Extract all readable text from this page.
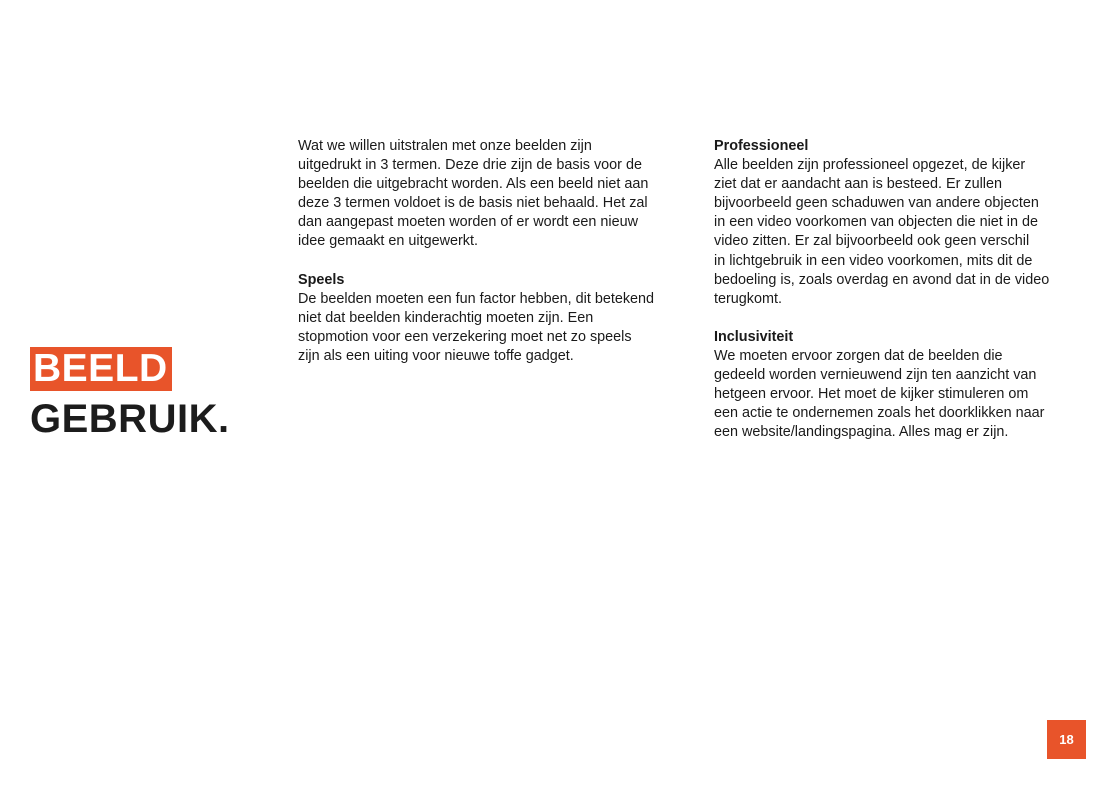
BEELD
GEBRUIK.

Wat we willen uitstralen met onze beelden zijn
uitgedrukt in 3 termen. Deze drie zijn de basis voor de
beelden die uitgebracht worden. Als een beeld niet aan
deze 3 termen voldoet is de basis niet behaald. Het zal
dan aangepast moeten worden of er wordt een nieuw
idee gemaakt en uitgewerkt.

Speels

De beelden moeten een fun factor hebben, dit betekend
niet dat beelden kinderachtig moeten zijn. Een
stopmotion voor een verzekering moet net zo speels
zijn als een uiting voor nieuwe toffe gadget.

Professioneel

Alle beelden zijn professioneel opgezet, de kijker
ziet dat er aandacht aan is besteed. Er zullen
bijvoorbeeld geen schaduwen van andere objecten
in een video voorkomen van objecten die niet in de
video zitten. Er zal bijvoorbeeld ook geen verschil
in lichtgebruik in een video voorkomen, mits dit de
bedoeling is, zoals overdag en avond dat in de video
terugkomt.

Inclusiviteit

We moeten ervoor zorgen dat de beelden die
gedeeld worden vernieuwend zijn ten aanzicht van
hetgeen ervoor. Het moet de kijker stimuleren om
een actie te ondernemen zoals het doorklikken naar
een website/landingspagina. Alles mag er zijn.

18
